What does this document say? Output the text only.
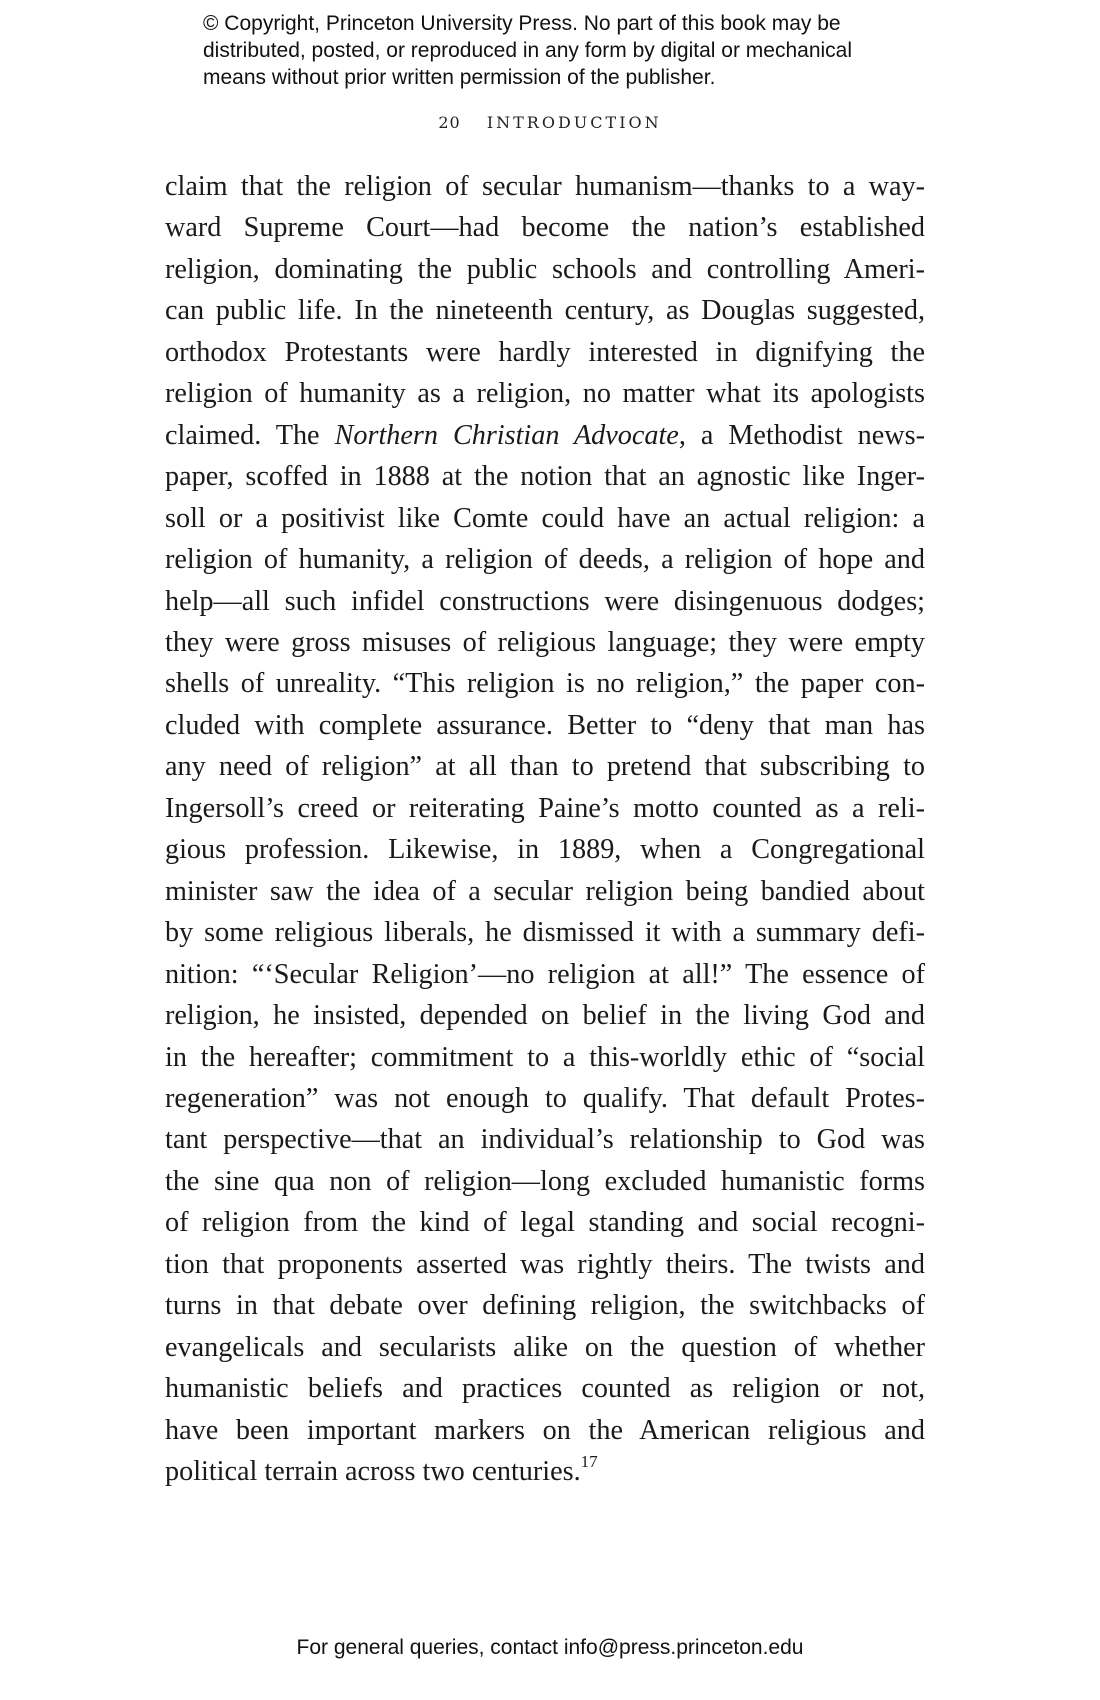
© Copyright, Princeton University Press. No part of this book may be
distributed, posted, or reproduced in any form by digital or mechanical
means without prior written permission of the publisher.
20 INTRODUCTION
claim that the religion of secular humanism—thanks to a way-
ward Supreme Court—had become the nation’s established
religion, dominating the public schools and controlling Ameri-
can public life. In the nineteenth century, as Douglas suggested,
orthodox Protestants were hardly interested in dignifying the
religion of humanity as a religion, no matter what its apologists
claimed. The Northern Christian Advocate, a Methodist news-
paper, scoffed in 1888 at the notion that an agnostic like Inger-
soll or a positivist like Comte could have an actual religion: a
religion of humanity, a religion of deeds, a religion of hope and
help—all such infidel constructions were disingenuous dodges;
they were gross misuses of religious language; they were empty
shells of unreality. “This religion is no religion,” the paper con-
cluded with complete assurance. Better to “deny that man has
any need of religion” at all than to pretend that subscribing to
Ingersoll’s creed or reiterating Paine’s motto counted as a reli-
gious profession. Likewise, in 1889, when a Congregational
minister saw the idea of a secular religion being bandied about
by some religious liberals, he dismissed it with a summary defi-
nition: “‘Secular Religion’—no religion at all!” The essence of
religion, he insisted, depended on belief in the living God and
in the hereafter; commitment to a this-worldly ethic of “social
regeneration” was not enough to qualify. That default Protes-
tant perspective—that an individual’s relationship to God was
the sine qua non of religion—long excluded humanistic forms
of religion from the kind of legal standing and social recogni-
tion that proponents asserted was rightly theirs. The twists and
turns in that debate over defining religion, the switchbacks of
evangelicals and secularists alike on the question of whether
humanistic beliefs and practices counted as religion or not,
have been important markers on the American religious and
political terrain across two centuries.$^{17}$
For general queries, contact info@press.princeton.edu
